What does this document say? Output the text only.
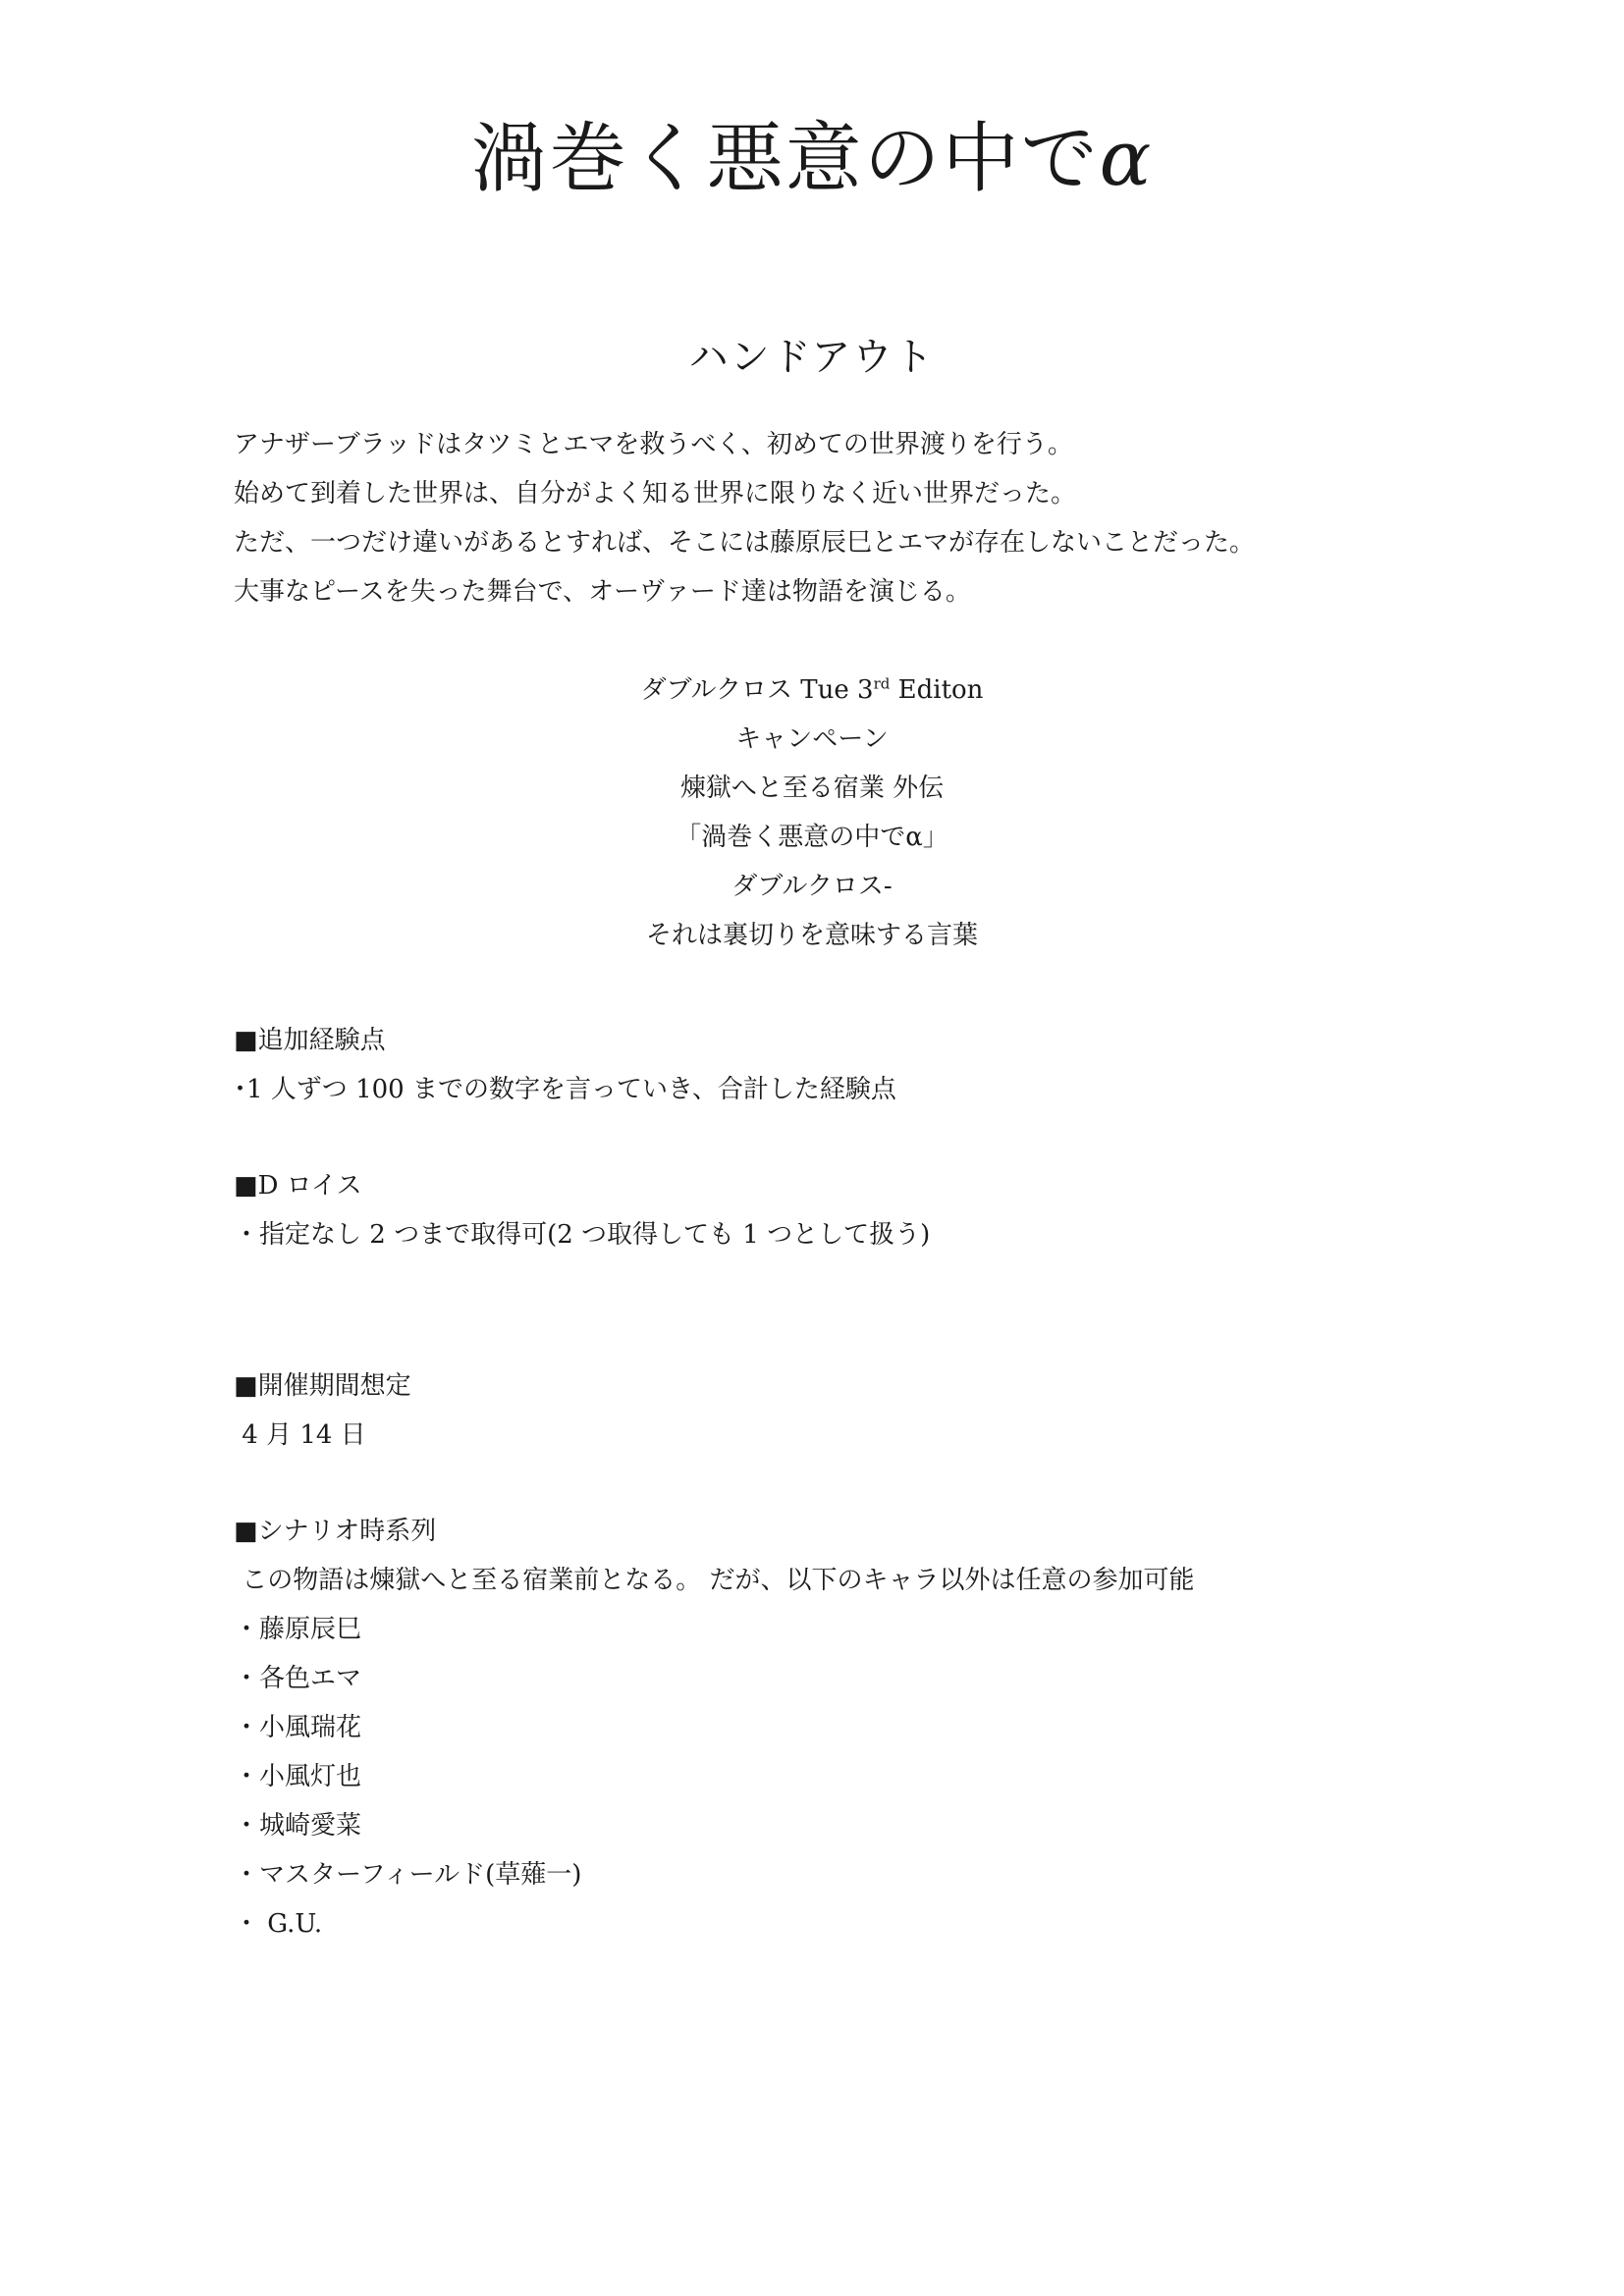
渦巻く悪意の中でα
ハンドアウト

アナザーブラッドはタツミとエマを救うべく、初めての世界渡りを行う。

始めて到着した世界は、自分がよく知る世界に限りなく近い世界だった。

ただ、一つだけ違いがあるとすれば、そこには藤原辰巳とエマが存在しないことだった。

大事なピースを失った舞台で、オーヴァード達は物語を演じる。

ダブルクロス Tue 3rd Editon

キャンペーン

煉獄へと至る宿業 外伝

「渦巻く悪意の中でα」

ダブルクロス-

それは裏切りを意味する言葉

■追加経験点

･1 人ずつ 100 までの数字を言っていき、合計した経験点

■D ロイス

・指定なし 2 つまで取得可(2 つ取得しても 1 つとして扱う)

■開催期間想定

4 月 14 日

■シナリオ時系列

この物語は煉獄へと至る宿業前となる。 だが、以下のキャラ以外は任意の参加可能

・藤原辰巳

・各色エマ

・小風瑞花

・小風灯也

・城崎愛菜

・マスターフィールド(草薙一)

・ G.U.
